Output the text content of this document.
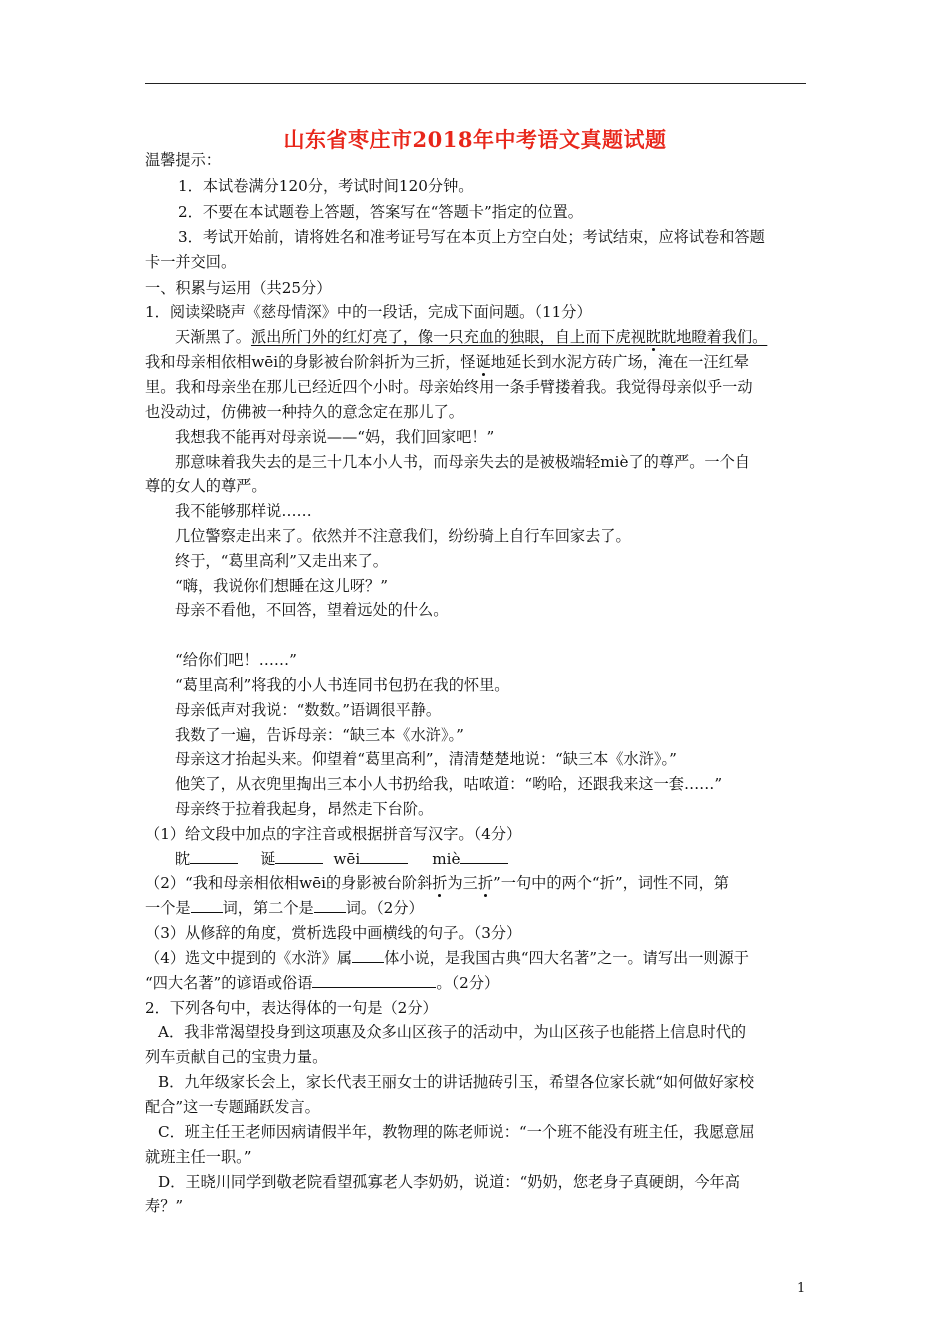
山东省枣庄市2018年中考语文真题试题
温馨提示：
1．本试卷满分120分，考试时间120分钟。
2．不要在本试题卷上答题，答案写在“答题卡”指定的位置。
3．考试开始前，请将姓名和准考证号写在本页上方空白处；考试结束，应将试卷和答题
卡一并交回。
一、积累与运用（共25分）
1．阅读梁晓声《慈母情深》中的一段话，完成下面问题。（11分）
天渐黑了。派出所门外的红灯亮了，像一只充血的独眼，自上而下虎视眈眈地瞪着我们。
我和母亲相依相wēi的身影被台阶斜折为三折，怪诞地延长到水泥方砖广场，淹在一汪红晕
里。我和母亲坐在那儿已经近四个小时。母亲始终用一条手臂搂着我。我觉得母亲似乎一动
也没动过，仿佛被一种持久的意念定在那儿了。
我想我不能再对母亲说——“妈，我们回家吧！”
那意味着我失去的是三十几本小人书，而母亲失去的是被极端轻miè了的尊严。一个自
尊的女人的尊严。
我不能够那样说……
几位警察走出来了。依然并不注意我们，纷纷骑上自行车回家去了。
终于，“葛里高利”又走出来了。
“嗨，我说你们想睡在这儿呀？”
母亲不看他，不回答，望着远处的什么。
“给你们吧！……”
“葛里高利”将我的小人书连同书包扔在我的怀里。
母亲低声对我说：“数数。”语调很平静。
我数了一遍，告诉母亲：“缺三本《水浒》。”
母亲这才抬起头来。仰望着“葛里高利”，清清楚楚地说：“缺三本《水浒》。”
他笑了，从衣兜里掏出三本小人书扔给我，咕哝道：“哟哈，还跟我来这一套……”
母亲终于拉着我起身，昂然走下台阶。
（1）给文段中加点的字注音或根据拼音写汉字。（4分）
眈	诞	wēi	miè
（2）“我和母亲相依相wēi的身影被台阶斜折为三折”一句中的两个“折”，词性不同，第
一个是 词，第二个是 词。（2分）
（3）从修辞的角度，赏析选段中画横线的句子。（3分）
（4）选文中提到的《水浒》属 体小说，是我国古典“四大名著”之一。请写出一则源于
“四大名著”的谚语或俗语	。（2分）
2．下列各句中，表达得体的一句是（2分）
A．我非常渴望投身到这项惠及众多山区孩子的活动中，为山区孩子也能搭上信息时代的
列车贡献自己的宝贵力量。
B．九年级家长会上，家长代表王丽女士的讲话抛砖引玉，希望各位家长就“如何做好家校
配合”这一专题踊跃发言。
C．班主任王老师因病请假半年，教物理的陈老师说：“一个班不能没有班主任，我愿意屈
就班主任一职。”
D．王晓川同学到敬老院看望孤寡老人李奶奶，说道：“奶奶，您老身子真硬朗，今年高
寿？”
1
